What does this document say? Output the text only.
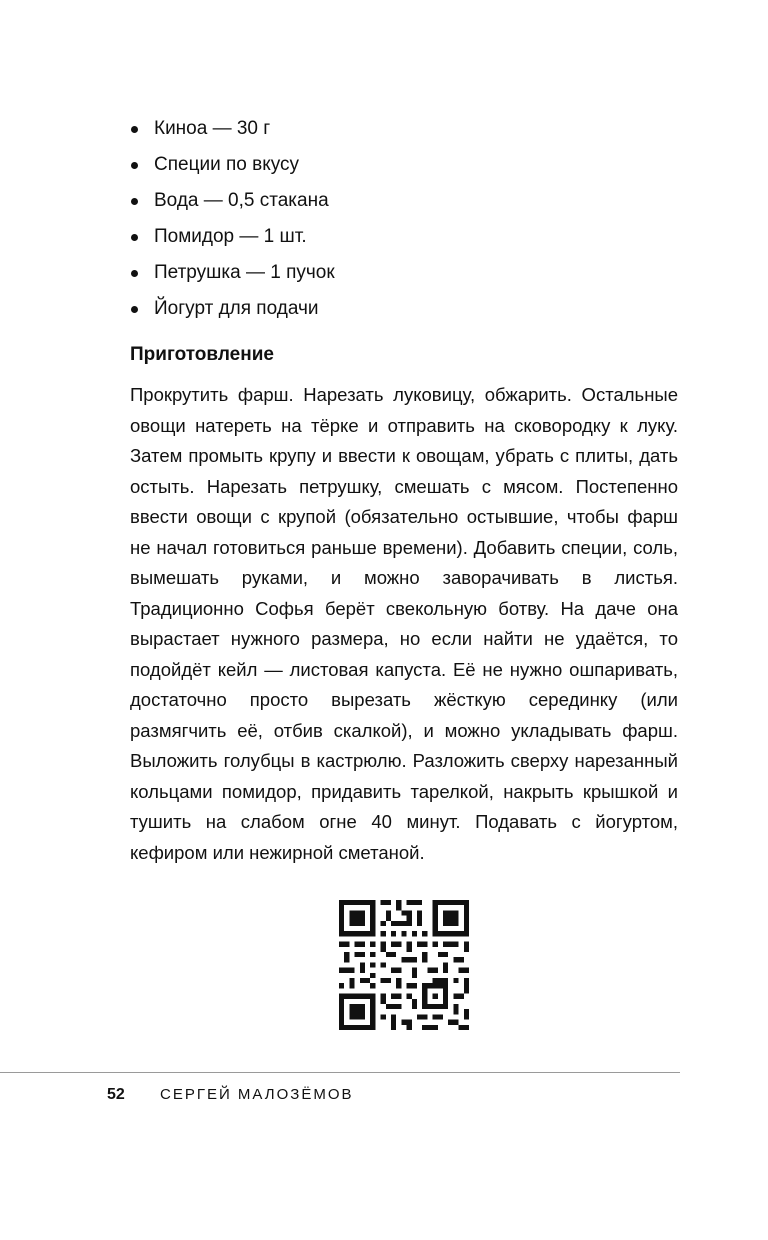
Киноа — 30 г
Специи по вкусу
Вода — 0,5 стакана
Помидор — 1 шт.
Петрушка — 1 пучок
Йогурт для подачи
Приготовление

Прокрутить фарш. Нарезать луковицу, обжарить. Остальные овощи натереть на тёрке и отправить на сковородку к луку. Затем промыть крупу и ввести к овощам, убрать с плиты, дать остыть. Нарезать петрушку, смешать с мясом. Постепенно ввести овощи с крупой (обязательно остывшие, чтобы фарш не начал готовиться раньше времени). Добавить специи, соль, вымешать руками, и можно заворачивать в листья. Традиционно Софья берёт свекольную ботву. На даче она вырастает нужного размера, но если найти не удаётся, то подойдёт кейл — листовая капуста. Её не нужно ошпаривать, достаточно просто вырезать жёсткую серединку (или размягчить её, отбив скалкой), и можно укладывать фарш. Выложить голубцы в кастрюлю. Разложить сверху нарезанный кольцами помидор, придавить тарелкой, накрыть крышкой и тушить на слабом огне 40 минут. Подавать с йогуртом, кефиром или нежирной сметаной.

52 СЕРГЕЙ МАЛОЗЁМОВ
